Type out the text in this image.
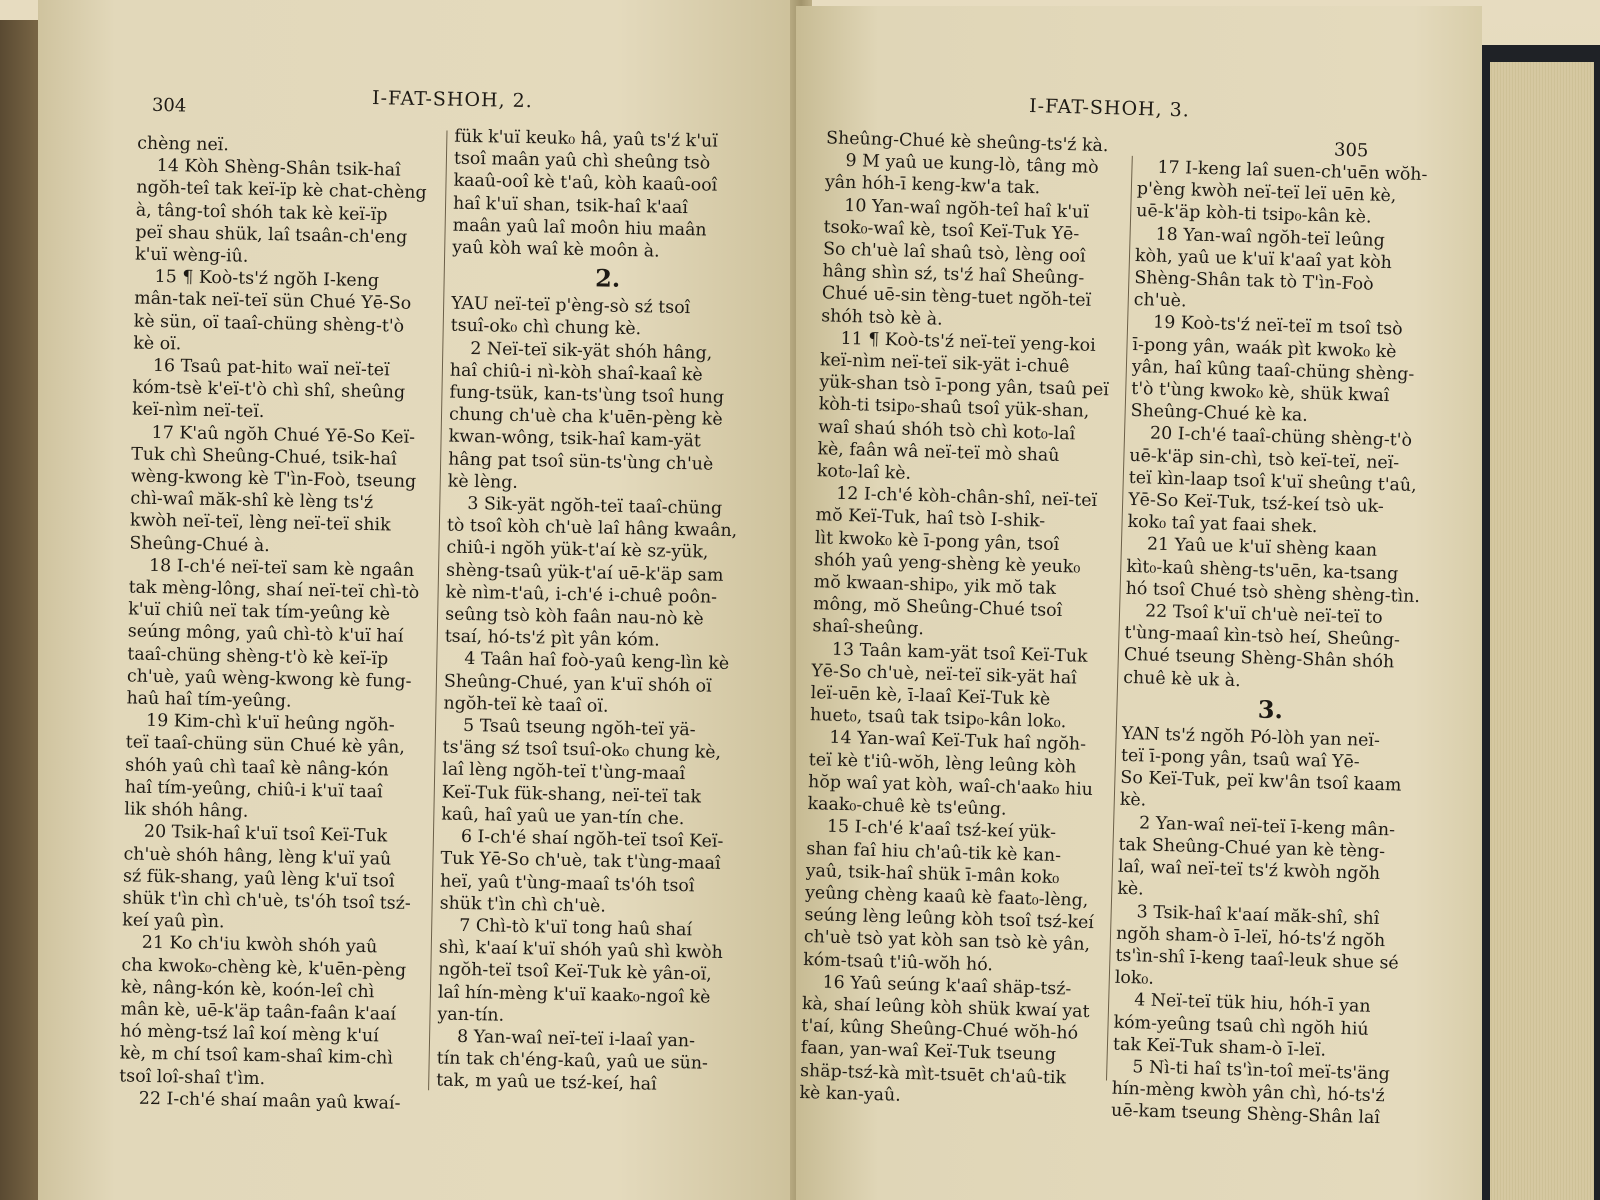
304	I-FAT-SHOH, 2.
chèng neï.
14 Kòh Shèng-Shân tsik-haî
ngŏh-teî tak keï-ïp kè chat-chèng
à, tâng-toî shóh tak kè keï-ïp
peï shau shük, laî tsaân-ch'eng
k'uï wèng-iû.
15 ¶ Koò-ts'ź ngŏh I-keng
mân-tak neï-teï sün Chué Yē-So
kè sün, oï taaî-chüng shèng-t'ò
kè oï.
16 Tsaû pat-hit₀ waï neï-teï
kóm-tsè k'eï-t'ò chì shî, sheûng
keï-nìm neï-teï.
17 K'aû ngŏh Chué Yē-So Keï-
Tuk chì Sheûng-Chué, tsik-haî
wèng-kwong kè T'ìn-Foò, tseung
chì-waî măk-shî kè lèng ts'ź
kwòh neï-teï, lèng neï-teï shik
Sheûng-Chué à.
18 I-ch'é neï-teï sam kè ngaân
tak mèng-lông, shaí neï-teï chì-tò
k'uï chiû neï tak tím-yeûng kè
seúng mông, yaû chì-tò k'uï haí
taaî-chüng shèng-t'ò kè keï-ïp
ch'uè, yaû wèng-kwong kè fung-
haû haî tím-yeûng.
19 Kim-chì k'uï heûng ngŏh-
teï taaî-chüng sün Chué kè yân,
shóh yaû chì taaî kè nâng-kón
haî tím-yeûng, chiû-i k'uï taaî
lik shóh hâng.
20 Tsik-haî k'uï tsoî Keï-Tuk
ch'uè shóh hâng, lèng k'uï yaû
sź fük-shang, yaû lèng k'uï tsoî
shük t'ìn chì ch'uè, ts'óh tsoî tsź-
keí yaû pìn.
21 Ko ch'iu kwòh shóh yaû
cha kwok₀-chèng kè, k'uēn-pèng
kè, nâng-kón kè, koón-leî chì
mân kè, uē-k'äp taân-faân k'aaí
hó mèng-tsź laî koí mèng k'uí
kè, m chí tsoî kam-shaî kim-chì
tsoî loî-shaî t'ìm.
22 I-ch'é shaí maân yaû kwaí-
fük k'uï keuk₀ hâ, yaû ts'ź k'uï
tsoî maân yaû chì sheûng tsò
kaaû-ooî kè t'aû, kòh kaaû-ooî
haî k'uï shan, tsik-haî k'aaî
maân yaû laî moôn hiu maân
yaû kòh waî kè moôn à.
2.
YAU neï-teï p'èng-sò sź tsoî
tsuî-ok₀ chì chung kè.
2 Neï-teï sik-yät shóh hâng,
haî chiû-i nì-kòh shaî-kaaî kè
fung-tsük, kan-ts'ùng tsoî hung
chung ch'uè cha k'uēn-pèng kè
kwan-wông, tsik-haî kam-yät
hâng pat tsoî sün-ts'ùng ch'uè
kè lèng.
3 Sik-yät ngŏh-teï taaî-chüng
tò tsoî kòh ch'uè laî hâng kwaân,
chiû-i ngŏh yük-t'aí kè sz-yük,
shèng-tsaû yük-t'aí uē-k'äp sam
kè nìm-t'aû, i-ch'é i-chuê poôn-
seûng tsò kòh faân nau-nò kè
tsaí, hó-ts'ź pìt yân kóm.
4 Taân haî foò-yaû keng-lìn kè
Sheûng-Chué, yan k'uï shóh oï
ngŏh-teï kè taaî oï.
5 Tsaû tseung ngŏh-teï yä-
ts'äng sź tsoî tsuî-ok₀ chung kè,
laî lèng ngŏh-teï t'ùng-maaî
Keï-Tuk fük-shang, neï-teï tak
kaû, haî yaû ue yan-tín che.
6 I-ch'é shaí ngŏh-teï tsoî Keï-
Tuk Yē-So ch'uè, tak t'ùng-maaî
heï, yaû t'ùng-maaî ts'óh tsoî
shük t'ìn chì ch'uè.
7 Chì-tò k'uï tong haû shaí
shì, k'aaí k'uï shóh yaû shì kwòh
ngŏh-teï tsoî Keï-Tuk kè yân-oï,
laî hín-mèng k'uï kaak₀-ngoî kè
yan-tín.
8 Yan-waî neï-teï i-laaî yan-
tín tak ch'éng-kaû, yaû ue sün-
tak, m yaû ue tsź-keí, haî
I-FAT-SHOH, 3.
305
Sheûng-Chué kè sheûng-ts'ź kà.
9 M yaû ue kung-lò, tâng mò
yân hóh-ī keng-kw'a tak.
10 Yan-waî ngŏh-teî haî k'uï
tsok₀-waî kè, tsoî Keï-Tuk Yē-
So ch'uè laî shaû tsò, lèng ooî
hâng shìn sź, ts'ź haî Sheûng-
Chué uē-sin tèng-tuet ngŏh-teï
shóh tsò kè à.
11 ¶ Koò-ts'ź neï-teï yeng-koi
keï-nìm neï-teï sik-yät i-chuê
yük-shan tsò ī-pong yân, tsaû peï
kòh-ti tsip₀-shaû tsoî yük-shan,
waî shaú shóh tsò chì kot₀-laî
kè, faân wâ neï-teï mò shaû
kot₀-laî kè.
12 I-ch'é kòh-chân-shî, neï-teï
mŏ Keï-Tuk, haî tsò I-shik-
lìt kwok₀ kè ī-pong yân, tsoî
shóh yaû yeng-shèng kè yeuk₀
mŏ kwaan-ship₀, yik mŏ tak
mông, mŏ Sheûng-Chué tsoî
shaî-sheûng.
13 Taân kam-yät tsoî Keï-Tuk
Yē-So ch'uè, neï-teï sik-yät haî
leï-uēn kè, ī-laaî Keï-Tuk kè
huet₀, tsaû tak tsip₀-kân lok₀.
14 Yan-waî Keï-Tuk haî ngŏh-
teï kè t'iû-wŏh, lèng leûng kòh
hŏp waî yat kòh, waî-ch'aak₀ hiu
kaak₀-chuê kè ts'eûng.
15 I-ch'é k'aaî tsź-keí yük-
shan faî hiu ch'aû-tik kè kan-
yaû, tsik-haî shük ī-mân kok₀
yeûng chèng kaaû kè faat₀-lèng,
seúng lèng leûng kòh tsoî tsź-keí
ch'uè tsò yat kòh san tsò kè yân,
kóm-tsaû t'iû-wŏh hó.
16 Yaû seúng k'aaî shäp-tsź-
kà, shaí leûng kòh shük kwaí yat
t'aí, kûng Sheûng-Chué wŏh-hó
faan, yan-waî Keï-Tuk tseung
shäp-tsź-kà mìt-tsuēt ch'aû-tik
kè kan-yaû.
17 I-keng laî suen-ch'uēn wŏh-
p'èng kwòh neï-teï leï uēn kè,
uē-k'äp kòh-ti tsip₀-kân kè.
18 Yan-waî ngŏh-teï leûng
kòh, yaû ue k'uï k'aaî yat kòh
Shèng-Shân tak tò T'ìn-Foò
ch'uè.
19 Koò-ts'ź neï-teï m tsoî tsò
ī-pong yân, waák pìt kwok₀ kè
yân, haî kûng taaî-chüng shèng-
t'ò t'ùng kwok₀ kè, shük kwaî
Sheûng-Chué kè ka.
20 I-ch'é taaî-chüng shèng-t'ò
uē-k'äp sin-chì, tsò keï-teï, neï-
teï kìn-laap tsoî k'uï sheûng t'aû,
Yē-So Keï-Tuk, tsź-keí tsò uk-
kok₀ taî yat faai shek.
21 Yaû ue k'uï shèng kaan
kìt₀-kaû shèng-ts'uēn, ka-tsang
hó tsoî Chué tsò shèng shèng-tìn.
22 Tsoî k'uï ch'uè neï-teï to
t'ùng-maaî kìn-tsò heí, Sheûng-
Chué tseung Shèng-Shân shóh
chuê kè uk à.
3.
YAN ts'ź ngŏh Pó-lòh yan neï-
teï ī-pong yân, tsaû waî Yē-
So Keï-Tuk, peï kw'ân tsoî kaam
kè.
2 Yan-waî neï-teï ī-keng mân-
tak Sheûng-Chué yan kè tèng-
laî, waî neï-teï ts'ź kwòh ngŏh
kè.
3 Tsik-haî k'aaí măk-shî, shî
ngŏh sham-ò ī-leï, hó-ts'ź ngŏh
ts'ìn-shî ī-keng taaî-leuk shue sé
lok₀.
4 Neï-teï tük hiu, hóh-ī yan
kóm-yeûng tsaû chì ngŏh hiú
tak Keï-Tuk sham-ò ī-leï.
5 Nì-ti haî ts'ìn-toî meï-ts'äng
hín-mèng kwòh yân chì, hó-ts'ź
uē-kam tseung Shèng-Shân laî
